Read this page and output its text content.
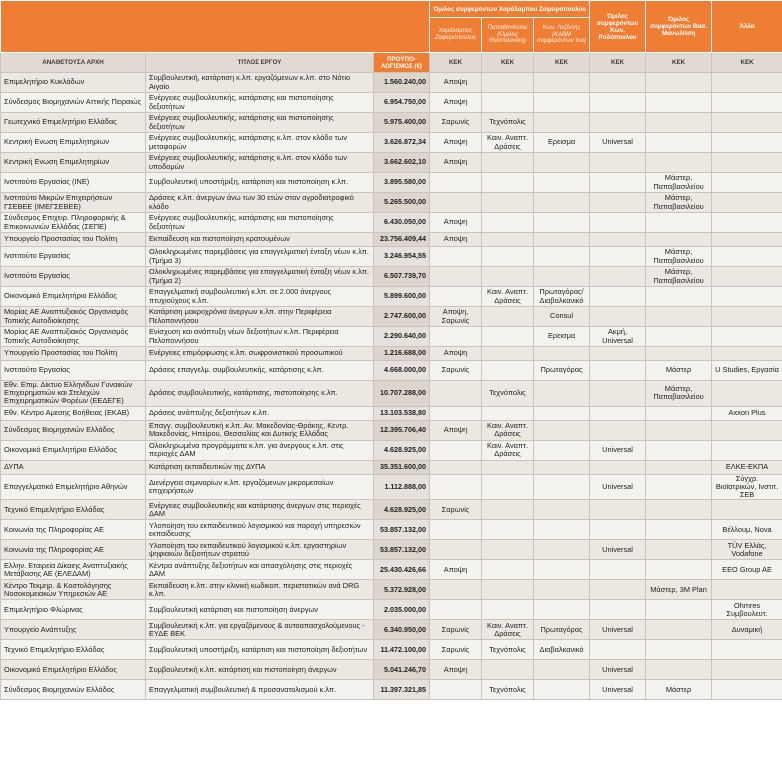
			Όμιλος συμφερόντων Χαράλαμπου Ζαφειρόπουλου			Όμιλος συμφερόντων Κων. Ροδόπουλου	Όμιλος συμφερόντων Βασ. Μανωλίτση	Άλλα
			Χαράλαμπος Ζαφειρόπουλος	Παπαθανάσιου (Όμιλος Θεσσαλονίκη)	Κων. Λεζέντης (ΚΑΒΜ συμφερόντων του)			
ΑΝΑΘΕΤΟΥΣΑ ΑΡΧΗ	ΤΙΤΛΟΣ ΕΡΓΟΥ	ΠΡΟΫΠΟ- ΛΟΓΙΣΜΟΣ (€)	ΚΕΚ	ΚΕΚ	ΚΕΚ	ΚΕΚ	ΚΕΚ	ΚΕΚ
Επιμελητήριο Κυκλάδων	Συμβουλευτική, κατάρτιση κ.λπ. εργαζόμενων κ.λπ. στο Νότιο Αιγαίο	1.560.240,00	Αποψη					
Σύνδεσμος Βιομηχανιών Αττικής Πειραιώς	Ενέργειες συμβουλευτικής, κατάρτισης και πιστοποίησης δεξιοτήτων	6.954.750,00	Αποψη					
Γεωτεχνικό Επιμελητήριο Ελλάδας	Ενέργειες συμβουλευτικής, κατάρτισης και πιστοποίησης δεξιοτήτων	5.975.400,00	Σαρωνίς	Τεχνόπολις				
Κεντρική Ενωση Επιμελητηρίων	Ενέργειες συμβουλευτικής, κατάρτισης κ.λπ. στον κλάδο των μεταφορών	3.626.872,34	Αποψη	Καιν. Αναπτ. Δράσεις	Ερεισμα	Universal		
Κεντρική Ενωση Επιμελητηρίων	Ενέργειες συμβουλευτικής, κατάρτισης κ.λπ. στον κλάδο των υποδομών	3.662.602,10	Αποψη					
Ινστιτούτο Εργασίας (ΙΝΕ)	Συμβουλευτική υποστήριξη, κατάρτιση και πιστοποίηση κ.λπ.	3.895.580,00					Μάστερ, Παπαβασιλείου	
Ινστιτούτο Μικρών Επιχειρήσεων ΓΣΕΒΕΕ (ΙΜΕΓΣΕΒΕΕ)	Δράσεις κ.λπ. άνεργων άνω των 30 ετών στον αγροδιατροφικό κλάδο	5.265.500,00					Μάστερ, Παπαβασιλείου	
Σύνδεσμος Επιχειρ. Πληροφορικής & Επικοινωνιών Ελλάδας (ΣΕΠΕ)	Ενέργειες συμβουλευτικής, κατάρτισης και πιστοποίησης δεξιοτήτων	6.430.050,00	Αποψη					
Υπουργείο Προστασίας του Πολίτη	Εκπαίδευση και πιστοποίηση κρατουμένων	23.756.409,44	Αποψη					
Ινστιτούτο Εργασίας	Ολοκληρωμένες παρεμβάσεις για επαγγελματική ένταξη νέων κ.λπ. (Τμήμα 3)	3.246.954,55					Μάστερ, Παπαβασιλείου	
Ινστιτούτο Εργασίας	Ολοκληρωμένες παρεμβάσεις για επαγγελματική ένταξη νέων κ.λπ. (Τμήμα 2)	6.507.739,70					Μάστερ, Παπαβασιλείου	
Οικονομικό Επιμελητήριο Ελλάδος	Επαγγελματική συμβουλευτική κ.λπ. σε 2.000 άνεργους πτυχιούχους κ.λπ.	5.899.600,00		Καιν. Αναπτ. Δράσεις	Πρωταγόρας/ Διαβαλκανικό			
Μορίας ΑΕ Αναπτυξιακός Οργανισμός Τοπικής Αυτοδιοίκησης	Κατάρτιση μακροχρόνια άνεργων κ.λπ. στην Περιφέρεια Πελοποννήσου	2.747.600,00	Αποψη, Σαρωνίς		Consul			
Μορίας ΑΕ Αναπτυξιακός Οργανισμός Τοπικής Αυτοδιοίκησης	Ενίσχυση και ανάπτυξη νέων δεξιοτήτων κ.λπ. Περιφέρεια Πελοποννήσου	2.290.640,00			Ερεισμα	Ακμή, Universal		
Υπουργείο Προστασίας του Πολίτη	Ενέργειες επιμόρφωσης κ.λπ. σωφρονιστικού προσωπικού	1.216.688,00	Αποψη					
Ινστιτούτο Εργασίας	Δράσεις επαγγελμ. συμβουλευτικής, κατάρτισης κ.λπ.	4.668.000,00	Σαρωνίς		Πρωταγόρας		Μάστερ	U Studies, Εργασία
Εθν. Επιμ. Δίκτυο Ελληνίδων Γυναικών Επιχειρηματιών και Στελεχών Επιχειρηματικών Φορέων (ΕΕΔΕΓΕ)	Δράσεις συμβουλευτικής, κατάρτισης, πιστοποίησης κ.λπ.	10.707.288,00		Τεχνόπολις			Μάστερ, Παπαβασιλείου	
Εθν. Κέντρο Αμεσης Βοήθειας (ΕΚΑΒ)	Δράσεις ανάπτυξης δεξιοτήτων κ.λπ.	13.103.538,80						Axxon Plus
Σύνδεσμος Βιομηχανιών Ελλάδος	Επαγγ. συμβουλευτική κ.λπ. Αν. Μακεδονίας-Θράκης, Κεντρ. Μακεδονίας, Ηπείρου, Θεσσαλίας και Δυτικής Ελλάδας	12.395.706,40	Αποψη	Καιν. Αναπτ. Δράσεις				
Οικονομικό Επιμελητήριο Ελλάδος	Ολοκληρωμένα προγράμματα κ.λπ. για άνεργους κ.λπ. στις περιοχές ΔΑΜ	4.628.925,00		Καιν. Αναπτ. Δράσεις		Universal		
ΔΥΠΑ	Κατάρτιση εκπαιδευτικών της ΔΥΠΑ	35.351.600,00						ΕΛΚΕ-ΕΚΠΑ
Επαγγελματικό Επιμελητήριο Αθηνών	Διενέργεια σεμιναρίων κ.λπ. εργαζόμενων μικρομεσαίων επιχειρήσεων	1.112.888,00				Universal		Σύγχρ. Βιοϊατρικών, Ινστιτ. ΣΕΒ
Τεχνικό Επιμελητήριο Ελλάδας	Ενέργειες συμβουλευτικής και κατάρτισης άνεργων στις περιοχές ΔΑΜ	4.628.925,00	Σαρωνίς					
Κοινωνία της Πληροφορίας ΑΕ	Υλοποίηση του εκπαιδευτικού λογισμικού και παροχή υπηρεσιών εκπαίδευσης	53.857.132,00						Βέλλουμ, Nova
Κοινωνία της Πληροφορίας ΑΕ	Υλοποίηση του εκπαιδευτικού λογισμικού κ.λπ. εργαστηρίων ψηφιακών δεξιοτήτων στρατού	53.857.132,00				Universal		TÜV Ελλάς, Vodafone
Ελλην. Εταιρεία Δίκαιης Αναπτυξιακής Μετάβασης ΑΕ (ΕΛΕΔΑΜ)	Κέντρα ανάπτυξης δεξιοτήτων και απασχόλησης στις περιοχές ΔΑΜ	25.430.426,66	Αποψη					EEO Group AE
Κέντρο Τεκμηρ. & Κοστολόγησης Νοσοκομειακών Υπηρεσιών ΑΕ	Εκπαίδευση κ.λπ. στην κλινική κωδικοπ. περιστατικών ανά DRG κ.λπ.	5.372.928,00					Μάστερ, 3M Plan	
Επιμελητήριο Φλώρινας	Συμβουλευτική κατάρτιση και πιστοποίηση άνεργων	2.035.000,00						Ohmres Συμβουλευτ.
Υπουργείο Ανάπτυξης	Συμβουλευτική κ.λπ. για εργαζόμενους & αυτοαπασχολούμενους - ΕΥΔΕ ΒΕΚ	6.340.950,00	Σαρωνίς	Καιν. Αναπτ. Δράσεις	Πρωταγόρας	Universal		Δυναμική
Τεχνικό Επιμελητήριο Ελλάδας	Συμβουλευτική υποστήριξη, κατάρτιση και πιστοποίηση δεξιοτήτων	11.472.100,00	Σαρωνίς	Τεχνόπολις	Διαβαλκανικό			
Οικονομικό Επιμελητήριο Ελλάδος	Συμβουλευτική κ.λπ. κατάρτιση και πιστοποίηση άνεργων	5.041.246,70	Αποψη			Universal		
Σύνδεσμος Βιομηχανιών Ελλάδος	Επαγγελματική συμβουλευτική & προσανατολισμού κ.λπ.	11.397.321,85		Τεχνόπολις		Universal	Μάστερ	
